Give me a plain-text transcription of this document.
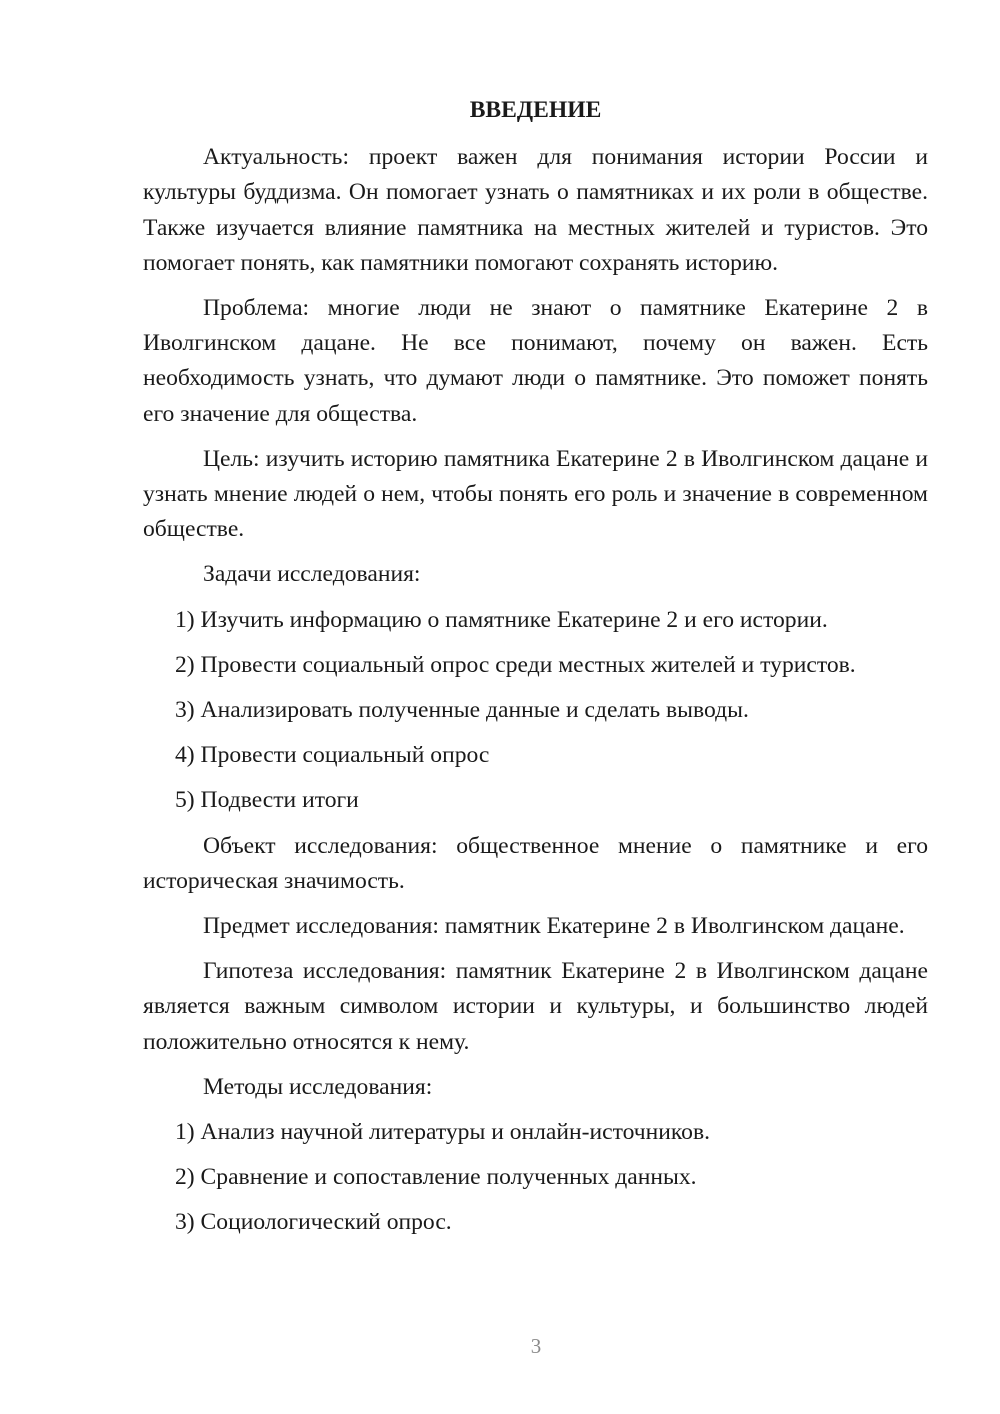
ВВЕДЕНИЕ

Актуальность: проект важен для понимания истории России и культуры буддизма. Он помогает узнать о памятниках и их роли в обществе. Также изучается влияние памятника на местных жителей и туристов. Это помогает понять, как памятники помогают сохранять историю.

Проблема: многие люди не знают о памятнике Екатерине 2 в Иволгинском дацане. Не все понимают, почему он важен. Есть необходимость узнать, что думают люди о памятнике. Это поможет понять его значение для общества.

Цель: изучить историю памятника Екатерине 2 в Иволгинском дацане и узнать мнение людей о нем, чтобы понять его роль и значение в современном обществе.

Задачи исследования:

1) Изучить информацию о памятнике Екатерине 2 и его истории.
2) Провести социальный опрос среди местных жителей и туристов.
3) Анализировать полученные данные и сделать выводы.
4) Провести социальный опрос
5) Подвести итоги

Объект исследования: общественное мнение о памятнике и его историческая значимость.

Предмет исследования: памятник Екатерине 2 в Иволгинском дацане.

Гипотеза исследования: памятник Екатерине 2 в Иволгинском дацане является важным символом истории и культуры, и большинство людей положительно относятся к нему.

Методы исследования:

1) Анализ научной литературы и онлайн-источников.
2) Сравнение и сопоставление полученных данных.
3) Социологический опрос.
3
